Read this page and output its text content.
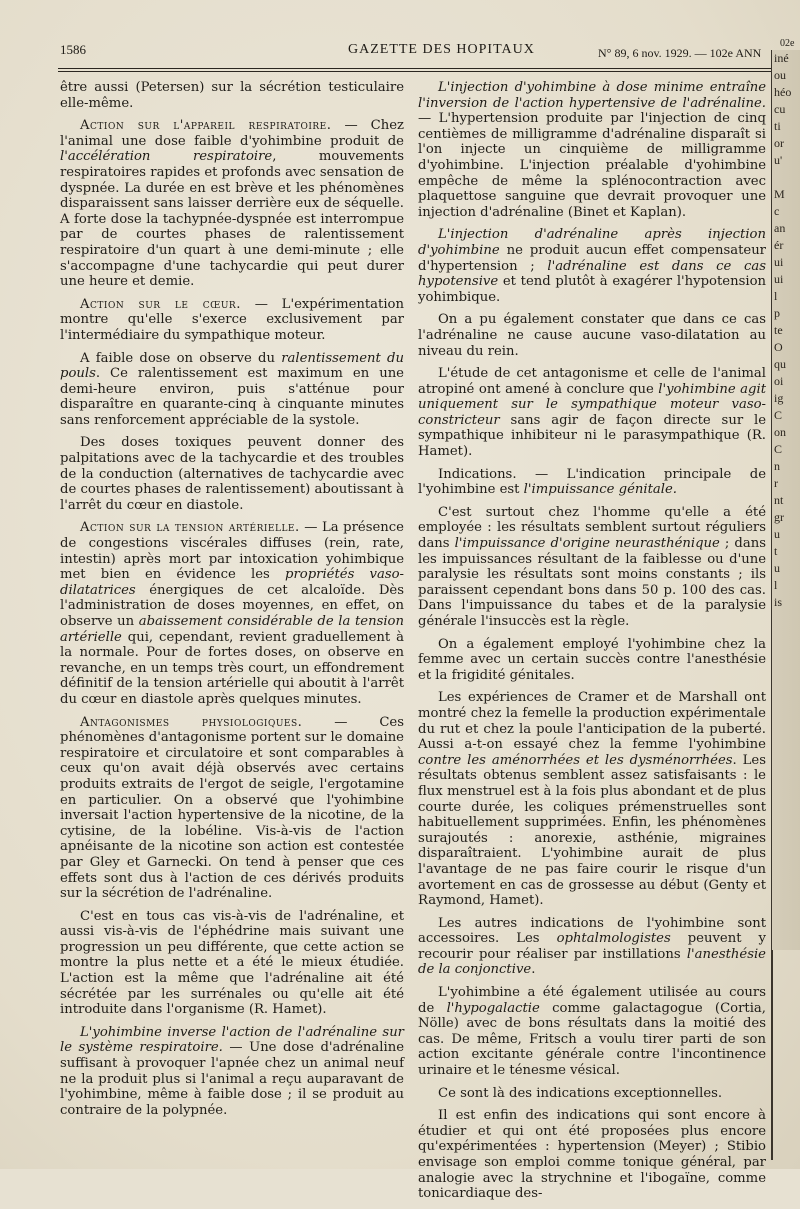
1586	GAZETTE DES HOPITAUX	N° 89, 6 nov. 1929. — 102e ANN
02e

être aussi (Petersen) sur la sécrétion testiculaire elle-même.

Action sur l'appareil respiratoire. — Chez l'animal une dose faible d'yohimbine produit de l'accélération respiratoire, mouvements respiratoires rapides et profonds avec sensation de dyspnée. La durée en est brève et les phénomènes disparaissent sans laisser derrière eux de séquelle. A forte dose la tachypnée-dyspnée est interrompue par de courtes phases de ralentissement respiratoire d'un quart à une demi-minute ; elle s'accompagne d'une tachycardie qui peut durer une heure et demie.

Action sur le cœur. — L'expérimentation montre qu'elle s'exerce exclusivement par l'intermédiaire du sympathique moteur.

A faible dose on observe du ralentissement du pouls. Ce ralentissement est maximum en une demi-heure environ, puis s'atténue pour disparaître en quarante-cinq à cinquante minutes sans renforcement appréciable de la systole.

Des doses toxiques peuvent donner des palpitations avec de la tachycardie et des troubles de la conduction (alternatives de tachycardie avec de courtes phases de ralentissement) aboutissant à l'arrêt du cœur en diastole.

Action sur la tension artérielle. — La présence de congestions viscérales diffuses (rein, rate, intestin) après mort par intoxication yohimbique met bien en évidence les propriétés vaso-dilatatrices énergiques de cet alcaloïde. Dès l'administration de doses moyennes, en effet, on observe un abaissement considérable de la tension artérielle qui, cependant, revient graduellement à la normale. Pour de fortes doses, on observe en revanche, en un temps très court, un effondrement définitif de la tension artérielle qui aboutit à l'arrêt du cœur en diastole après quelques minutes.

Antagonismes physiologiques. — Ces phénomènes d'antagonisme portent sur le domaine respiratoire et circulatoire et sont comparables à ceux qu'on avait déjà observés avec certains produits extraits de l'ergot de seigle, l'ergotamine en particulier. On a observé que l'yohimbine inversait l'action hypertensive de la nicotine, de la cytisine, de la lobéline. Vis-à-vis de l'action apnéisante de la nicotine son action est contestée par Gley et Garnecki. On tend à penser que ces effets sont dus à l'action de ces dérivés produits sur la sécrétion de l'adrénaline.

C'est en tous cas vis-à-vis de l'adrénaline, et aussi vis-à-vis de l'éphédrine mais suivant une progression un peu différente, que cette action se montre la plus nette et a été le mieux étudiée. L'action est la même que l'adrénaline ait été sécrétée par les surrénales ou qu'elle ait été introduite dans l'organisme (R. Hamet).

L'yohimbine inverse l'action de l'adrénaline sur le système respiratoire. — Une dose d'adrénaline suffisant à provoquer l'apnée chez un animal neuf ne la produit plus si l'animal a reçu auparavant de l'yohimbine, même à faible dose ; il se produit au contraire de la polypnée.

L'injection d'yohimbine à dose minime entraîne l'inversion de l'action hypertensive de l'adrénaline. — L'hypertension produite par l'injection de cinq centièmes de milligramme d'adrénaline disparaît si l'on injecte un cinquième de milligramme d'yohimbine. L'injection préalable d'yohimbine empêche de même la splénocontraction avec plaquettose sanguine que devrait provoquer une injection d'adrénaline (Binet et Kaplan).

L'injection d'adrénaline après injection d'yohimbine ne produit aucun effet compensateur d'hypertension ; l'adrénaline est dans ce cas hypotensive et tend plutôt à exagérer l'hypotension yohimbique.

On a pu également constater que dans ce cas l'adrénaline ne cause aucune vaso-dilatation au niveau du rein.

L'étude de cet antagonisme et celle de l'animal atropiné ont amené à conclure que l'yohimbine agit uniquement sur le sympathique moteur vaso-constricteur sans agir de façon directe sur le sympathique inhibiteur ni le parasympathique (R. Hamet).

Indications. — L'indication principale de l'yohimbine est l'impuissance génitale.

C'est surtout chez l'homme qu'elle a été employée : les résultats semblent surtout réguliers dans l'impuissance d'origine neurasthénique ; dans les impuissances résultant de la faiblesse ou d'une paralysie les résultats sont moins constants ; ils paraissent cependant bons dans 50 p. 100 des cas. Dans l'impuissance du tabes et de la paralysie générale l'insuccès est la règle.

On a également employé l'yohimbine chez la femme avec un certain succès contre l'anesthésie et la frigidité génitales.

Les expériences de Cramer et de Marshall ont montré chez la femelle la production expérimentale du rut et chez la poule l'anticipation de la puberté. Aussi a-t-on essayé chez la femme l'yohimbine contre les aménorrhées et les dysménorrhées. Les résultats obtenus semblent assez satisfaisants : le flux menstruel est à la fois plus abondant et de plus courte durée, les coliques prémenstruelles sont habituellement supprimées. Enfin, les phénomènes surajoutés : anorexie, asthénie, migraines disparaîtraient. L'yohimbine aurait de plus l'avantage de ne pas faire courir le risque d'un avortement en cas de grossesse au début (Genty et Raymond, Hamet).

Les autres indications de l'yohimbine sont accessoires. Les ophtalmologistes peuvent y recourir pour réaliser par instillations l'anesthésie de la conjonctive.

L'yohimbine a été également utilisée au cours de l'hypogalactie comme galactagogue (Cortia, Nölle) avec de bons résultats dans la moitié des cas. De même, Fritsch a voulu tirer parti de son action excitante générale contre l'incontinence urinaire et le ténesme vésical.

Ce sont là des indications exceptionnelles.

Il est enfin des indications qui sont encore à étudier et qui ont été proposées plus encore qu'expérimentées : hypertension (Meyer) ; Stibio envisage son emploi comme tonique général, par analogie avec la strychnine et l'ibogaïne, comme tonicardiaque des-

iné
ou
héo
cu
ti
or
u'

M
c
an
ér
ui
ui
l
p
te
O
qu
oi
ig
C
on
C
n
r
nt
gr
u
t
u
l
is
